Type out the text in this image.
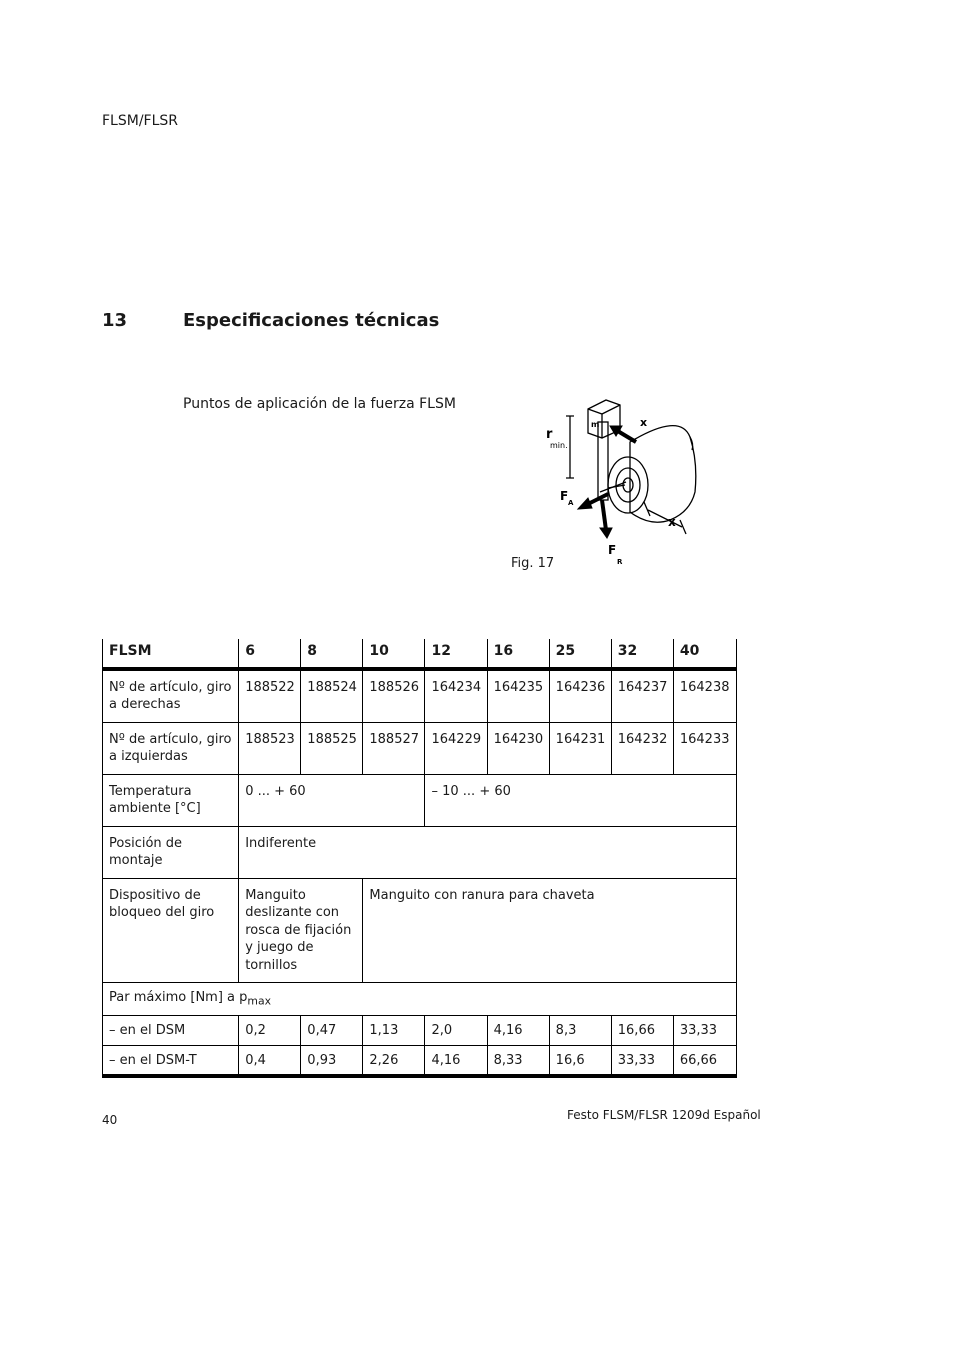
FLSM/FLSR
13	Especificaciones técnicas
Puntos de aplicación de la fuerza FLSM
x
x
r
min.
F A
F
R
m
Fig. 17
FLSM	6	8	10	12	16	25	32	40
Nº de artículo, giro a derechas	188522	188524	188526	164234	164235	164236	164237	164238
Nº de artículo, giro a izquierdas	188523	188525	188527	164229	164230	164231	164232	164233
Temperatura ambiente [°C]	0 ... + 60			– 10 ... + 60				
Posición de montaje	Indiferente							
Dispositivo de bloqueo del giro	Manguito deslizante con rosca de fijación y juego de tornillos		Manguito con ranura para chaveta					
Par máximo [Nm] a $p_{max}$
– en el DSM	0,2	0,47	1,13	2,0	4,16	8,3	16,66	33,33
– en el DSM-T	0,4	0,93	2,26	4,16	8,33	16,6	33,33	66,66
40	Festo FLSM/FLSR 1209d Español
